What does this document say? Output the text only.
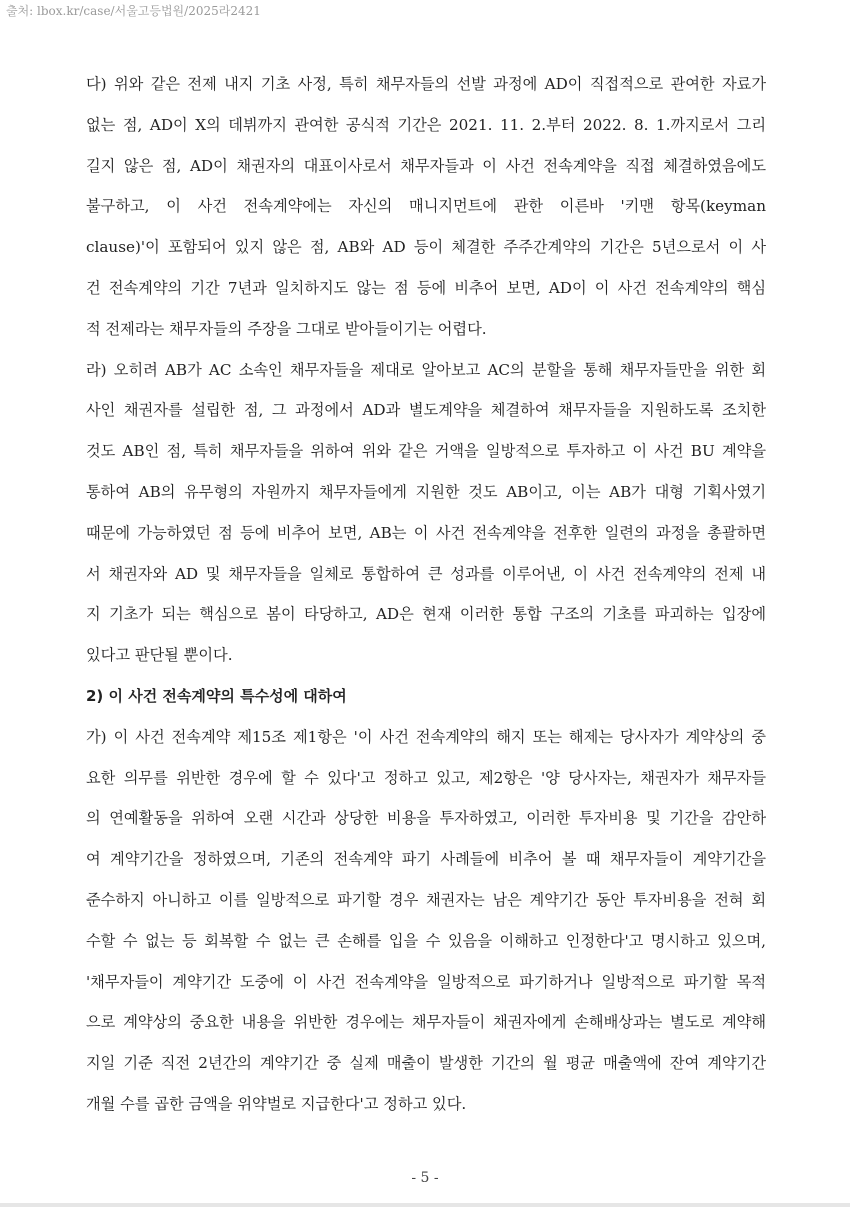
출처: lbox.kr/case/서울고등법원/2025라2421
다) 위와 같은 전제 내지 기초 사정, 특히 채무자들의 선발 과정에 AD이 직접적으로 관여한 자료가
없는 점, AD이 X의 데뷔까지 관여한 공식적 기간은 2021. 11. 2.부터 2022. 8. 1.까지로서 그리
길지 않은 점, AD이 채권자의 대표이사로서 채무자들과 이 사건 전속계약을 직접 체결하였음에도
불구하고, 이 사건 전속계약에는 자신의 매니지먼트에 관한 이른바 '키맨 항목(keyman
clause)'이 포함되어 있지 않은 점, AB와 AD 등이 체결한 주주간계약의 기간은 5년으로서 이 사
건 전속계약의 기간 7년과 일치하지도 않는 점 등에 비추어 보면, AD이 이 사건 전속계약의 핵심
적 전제라는 채무자들의 주장을 그대로 받아들이기는 어렵다.
라) 오히려 AB가 AC 소속인 채무자들을 제대로 알아보고 AC의 분할을 통해 채무자들만을 위한 회
사인 채권자를 설립한 점, 그 과정에서 AD과 별도계약을 체결하여 채무자들을 지원하도록 조치한
것도 AB인 점, 특히 채무자들을 위하여 위와 같은 거액을 일방적으로 투자하고 이 사건 BU 계약을
통하여 AB의 유무형의 자원까지 채무자들에게 지원한 것도 AB이고, 이는 AB가 대형 기획사였기
때문에 가능하였던 점 등에 비추어 보면, AB는 이 사건 전속계약을 전후한 일련의 과정을 총괄하면
서 채권자와 AD 및 채무자들을 일체로 통합하여 큰 성과를 이루어낸, 이 사건 전속계약의 전제 내
지 기초가 되는 핵심으로 봄이 타당하고, AD은 현재 이러한 통합 구조의 기초를 파괴하는 입장에
있다고 판단될 뿐이다.
2) 이 사건 전속계약의 특수성에 대하여
가) 이 사건 전속계약 제15조 제1항은 '이 사건 전속계약의 해지 또는 해제는 당사자가 계약상의 중
요한 의무를 위반한 경우에 할 수 있다'고 정하고 있고, 제2항은 '양 당사자는, 채권자가 채무자들
의 연예활동을 위하여 오랜 시간과 상당한 비용을 투자하였고, 이러한 투자비용 및 기간을 감안하
여 계약기간을 정하였으며, 기존의 전속계약 파기 사례들에 비추어 볼 때 채무자들이 계약기간을
준수하지 아니하고 이를 일방적으로 파기할 경우 채권자는 남은 계약기간 동안 투자비용을 전혀 회
수할 수 없는 등 회복할 수 없는 큰 손해를 입을 수 있음을 이해하고 인정한다'고 명시하고 있으며,
'채무자들이 계약기간 도중에 이 사건 전속계약을 일방적으로 파기하거나 일방적으로 파기할 목적
으로 계약상의 중요한 내용을 위반한 경우에는 채무자들이 채권자에게 손해배상과는 별도로 계약해
지일 기준 직전 2년간의 계약기간 중 실제 매출이 발생한 기간의 월 평균 매출액에 잔여 계약기간
개월 수를 곱한 금액을 위약벌로 지급한다'고 정하고 있다.
- 5 -
